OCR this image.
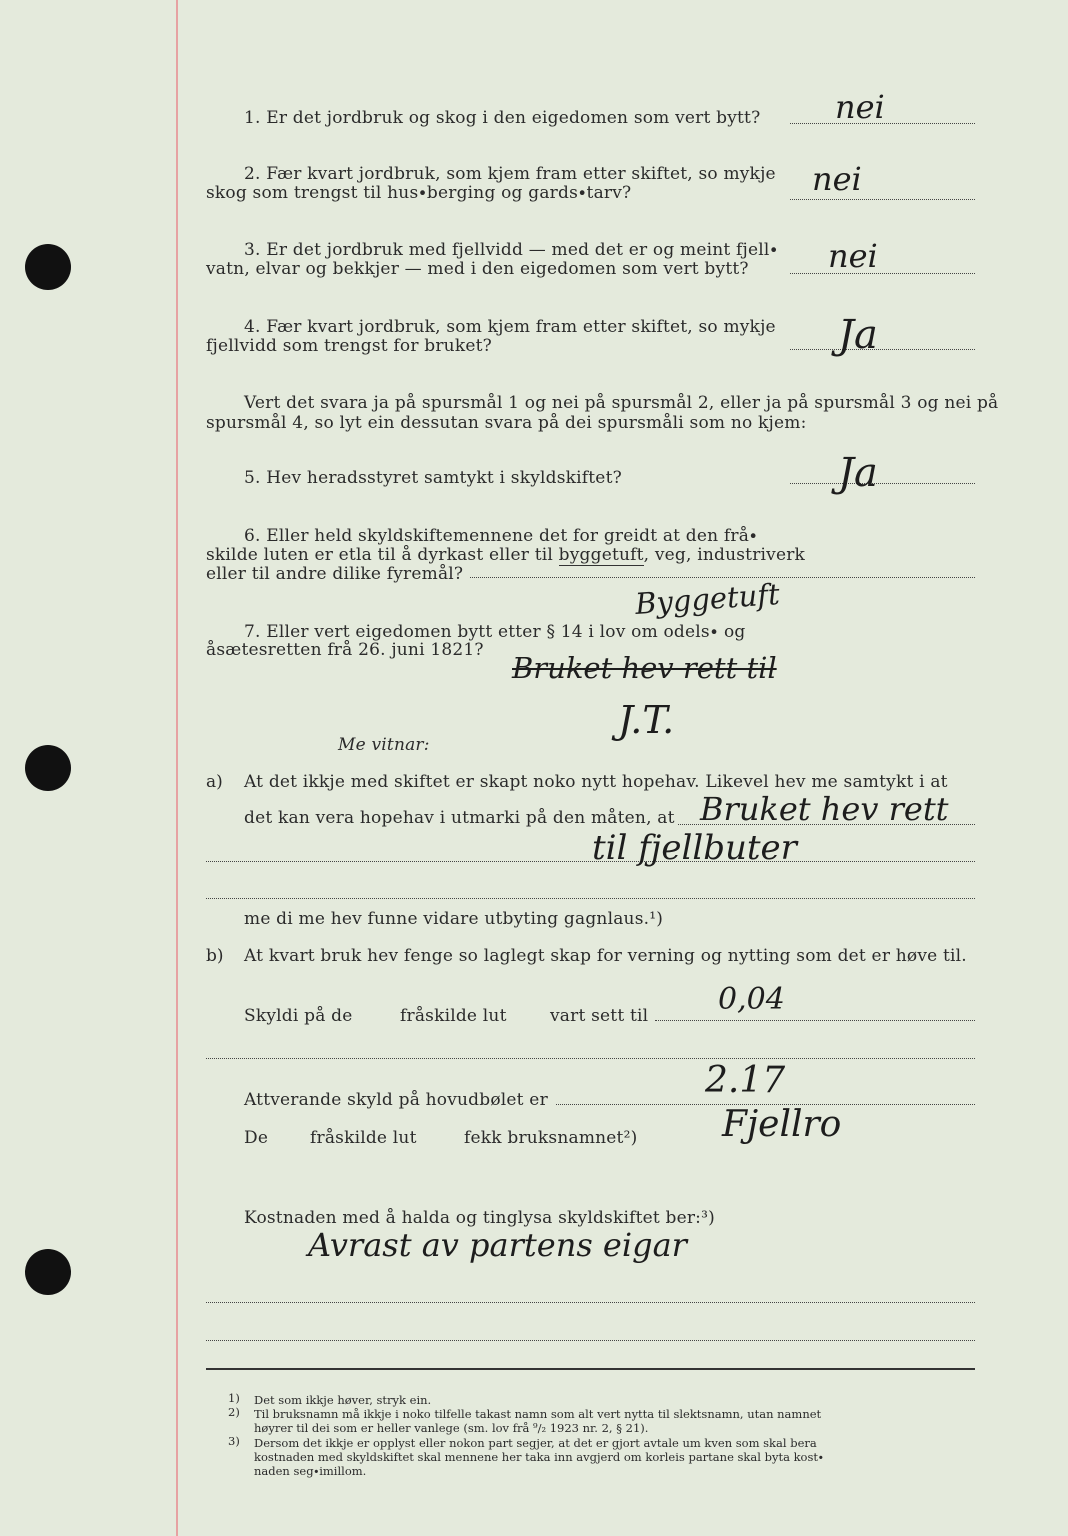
1. Er det jordbruk og skog i den eigedomen som vert bytt? nei
2. Fær kvart jordbruk, som kjem fram etter skiftet, so mykje
skog som trengst til hus∙berging og gards∙tarv?	nei
3. Er det jordbruk med fjellvidd — med det er og meint fjell∙
vatn, elvar og bekkjer — med i den eigedomen som vert bytt? nei
4. Fær kvart jordbruk, som kjem fram etter skiftet, so mykje
fjellvidd som trengst for bruket?	Ja
Vert det svara ja på spursmål 1 og nei på spursmål 2, eller ja på spursmål 3 og nei på
spursmål 4, so lyt ein dessutan svara på dei spursmåli som no kjem:
5. Hev heradsstyret samtykt i skyldskiftet?	Ja
6. Eller held skyldskiftemennene det for greidt at den frå∙
skilde luten er etla til å dyrkast eller til byggetuft, veg, industriverk
eller til andre dilike fyremål?
Byggetuft
7. Eller vert eigedomen bytt etter § 14 i lov om odels∙ og
åsætesretten frå 26. juni 1821?
Bruket hev rett til
J.T.
Me vitnar:
a) At det ikkje med skiftet er skapt noko nytt hopehav. Likevel hev me samtykt i at
det kan vera hopehav i utmarki på den måten, at Bruket hev rett
til fjellbuter
me di me hev funne vidare utbyting gagnlaus.¹)
b) At kvart bruk hev fenge so laglegt skap for verning og nytting som det er høve til.
Skyldi på de	fråskilde lut	vart sett til 0,04
Attverande skyld på hovudbølet er	2.17
De fråskilde lut	fekk bruksnamnet²) Fjellro
Kostnaden med å halda og tinglysa skyldskiftet ber:³)
Avrast av partens eigar
1) Det som ikkje høver, stryk ein.
2) Til bruksnamn må ikkje i noko tilfelle takast namn som alt vert nytta til slektsnamn, utan namnet
høyrer til dei som er heller vanlege (sm. lov frå ⁹/₂ 1923 nr. 2, § 21).
3) Dersom det ikkje er opplyst eller nokon part segjer, at det er gjort avtale um kven som skal bera
kostnaden med skyldskiftet skal mennene her taka inn avgjerd om korleis partane skal byta kost∙
naden seg∙imillom.
